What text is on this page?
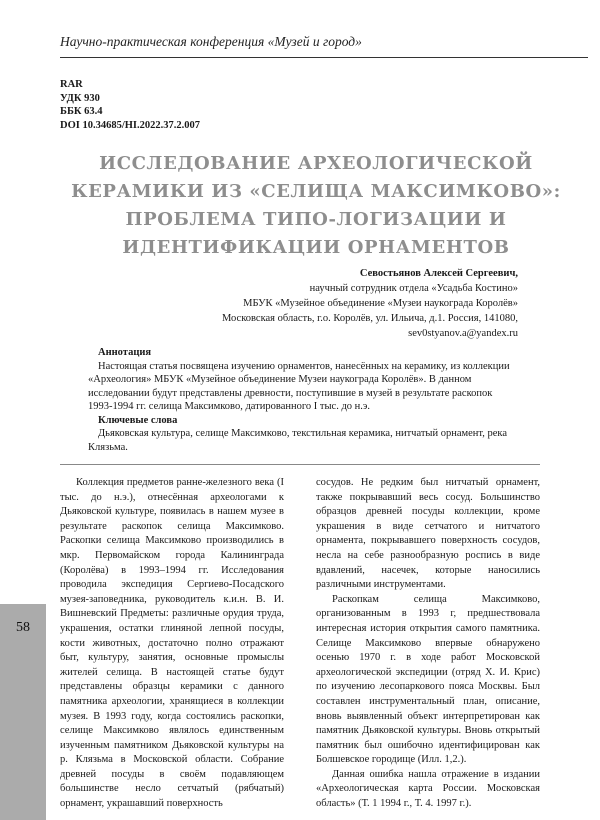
Научно-практическая конференция «Музей и город»
RAR
УДК 930
ББК 63.4
DOI 10.34685/HI.2022.37.2.007
ИССЛЕДОВАНИЕ АРХЕОЛОГИЧЕСКОЙ КЕРАМИКИ ИЗ «СЕЛИЩА МАКСИМКОВО»: ПРОБЛЕМА ТИПО-ЛОГИЗАЦИИ И ИДЕНТИФИКАЦИИ ОРНАМЕНТОВ
Севостьянов Алексей Сергеевич,
научный сотрудник отдела «Усадьба Костино»
МБУК «Музейное объединение «Музеи наукограда Королёв»
Московская область, г.о. Королёв, ул. Ильича, д.1. Россия, 141080,
sev0styanov.a@yandex.ru
Аннотация
Настоящая статья посвящена изучению орнаментов, нанесённых на керамику, из коллекции «Археология» МБУК «Музейное объединение Музеи наукограда Королёв». В данном исследовании будут представлены древности, поступившие в музей в результате раскопок 1993-1994 гг. селища Максимково, датированного I тыс. до н.э.
Ключевые слова
Дьяковская культура, селище Максимково, текстильная керамика, нитчатый орнамент, река Клязьма.

Коллекция предметов ранне-железного века (I тыс. до н.э.), отнесённая археологами к Дьяковской культуре, появилась в нашем музее в результате раскопок селища Максимково. Раскопки селища Максимково производились в мкр. Первомайском города Калининграда (Королёва) в 1993–1994 гг. Исследования проводила экспедиция Сергиево-Посадского музея-заповедника, руководитель к.и.н. В. И. Вишневский Предметы: различные орудия труда, украшения, остатки глиняной лепной посуды, кости животных, достаточно полно отражают быт, культуру, занятия, основные промыслы жителей селища. В настоящей статье будут представлены образцы керамики с данного памятника археологии, хранящиеся в коллекции музея. В 1993 году, когда состоялись раскопки, селище Максимково являлось единственным изученным памятником Дьяковской культуры на р. Клязьма в Московской области. Собрание древней посуды в своём подавляющем большинстве несло сетчатый (рябчатый) орнамент, украшавший поверхность

сосудов. Не редким был нитчатый орнамент, также покрывавший весь сосуд. Большинство образцов древней посуды коллекции, кроме украшения в виде сетчатого и нитчатого орнамента, покрывавшего поверхность сосудов, несла на себе разнообразную роспись в виде вдавлений, насечек, которые наносились различными инструментами.

Раскопкам селища Максимково, организованным в 1993 г, предшествовала интересная история открытия самого памятника. Селище Максимково впервые обнаружено осенью 1970 г. в ходе работ Московской археологической экспедиции (отряд Х. И. Крис) по изучению лесопаркового пояса Москвы. Был составлен инструментальный план, описание, вновь выявленный объект интерпретирован как памятник Дьяковской культуры. Вновь открытый памятник был ошибочно идентифицирован как Болшевское городище (Илл. 1,2.).

Данная ошибка нашла отражение в издании «Археологическая карта России. Московская область» (Т. 1 1994 г., Т. 4. 1997 г.).

58
